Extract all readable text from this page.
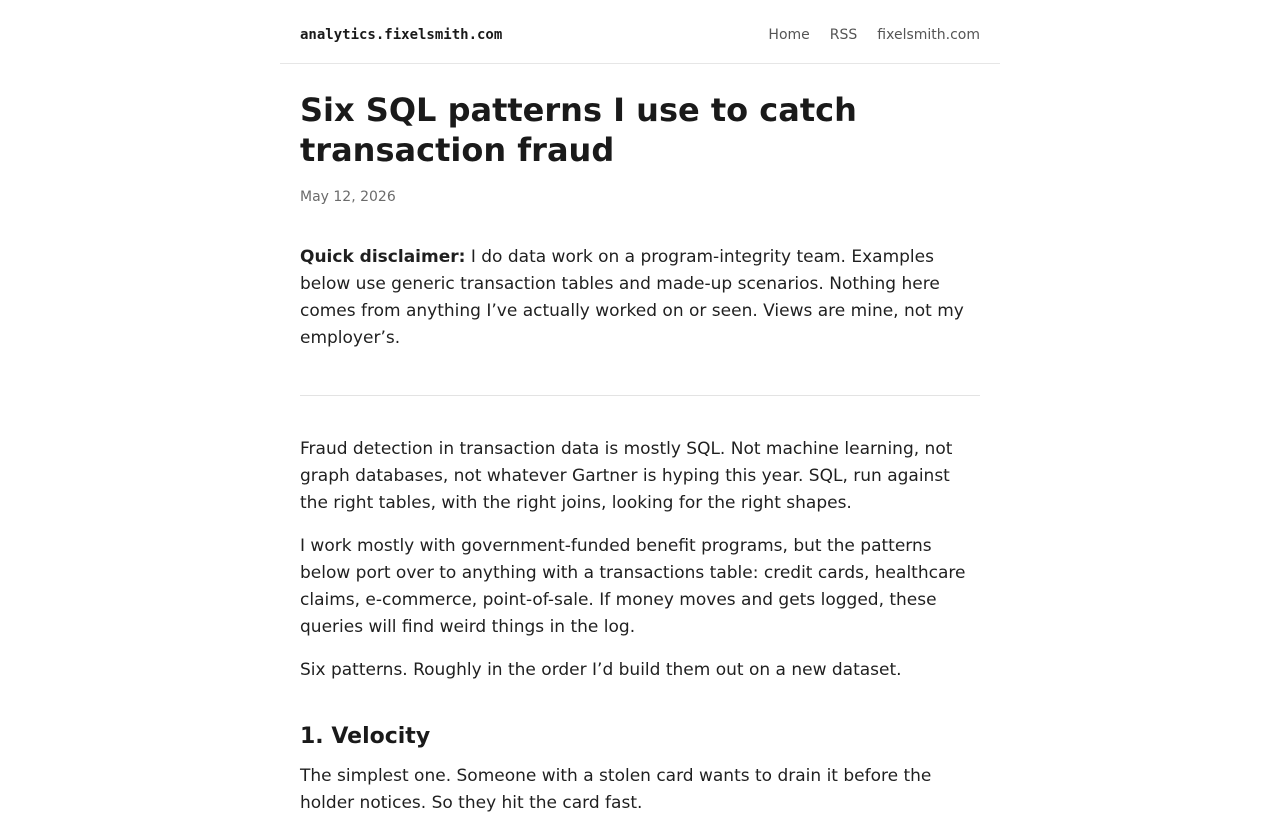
analytics.fixelsmith.com	Home RSS fixelsmith.com
Six SQL patterns I use to catch transaction fraud
May 12, 2026

Quick disclaimer: I do data work on a program-integrity team. Examples below use generic transaction tables and made-up scenarios. Nothing here comes from anything I’ve actually worked on or seen. Views are mine, not my employer’s.

Fraud detection in transaction data is mostly SQL. Not machine learning, not graph databases, not whatever Gartner is hyping this year. SQL, run against the right tables, with the right joins, looking for the right shapes.

I work mostly with government-funded benefit programs, but the patterns below port over to anything with a transactions table: credit cards, healthcare claims, e-commerce, point-of-sale. If money moves and gets logged, these queries will find weird things in the log.

Six patterns. Roughly in the order I’d build them out on a new dataset.

1. Velocity

The simplest one. Someone with a stolen card wants to drain it before the holder notices. So they hit the card fast.
